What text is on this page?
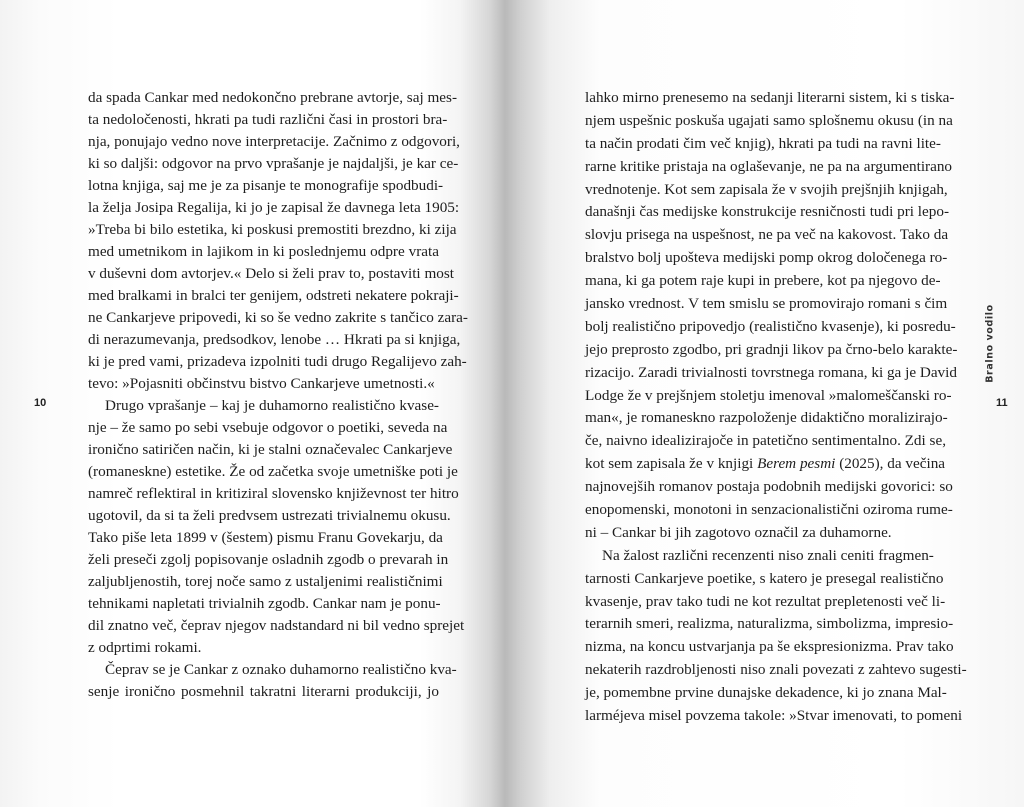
da spada Cankar med nedokončno prebrane avtorje, saj mes-
ta nedoločenosti, hkrati pa tudi različni časi in prostori bra-
nja, ponujajo vedno nove interpretacije. Začnimo z odgovori,
ki so daljši: odgovor na prvo vprašanje je najdaljši, je kar ce-
lotna knjiga, saj me je za pisanje te monografije spodbudi-
la želja Josipa Regalija, ki jo je zapisal že davnega leta 1905:
»Treba bi bilo estetika, ki poskusi premostiti brezdno, ki zija
med umetnikom in lajikom in ki poslednjemu odpre vrata
v duševni dom avtorjev.« Delo si želi prav to, postaviti most
med bralkami in bralci ter genijem, odstreti nekatere pokraji-
ne Cankarjeve pripovedi, ki so še vedno zakrite s tančico zara-
di nerazumevanja, predsodkov, lenobe … Hkrati pa si knjiga,
ki je pred vami, prizadeva izpolniti tudi drugo Regalijevo zah-
tevo: »Pojasniti občinstvu bistvo Cankarjeve umetnosti.«
Drugo vprašanje – kaj je duhamorno realistično kvase-
nje – že samo po sebi vsebuje odgovor o poetiki, seveda na
ironično satiričen način, ki je stalni označevalec Cankarjeve
(romaneskne) estetike. Že od začetka svoje umetniške poti je
namreč reflektiral in kritiziral slovensko književnost ter hitro
ugotovil, da si ta želi predvsem ustrezati trivialnemu okusu.
Tako piše leta 1899 v (šestem) pismu Franu Govekarju, da
želi preseči zgolj popisovanje osladnih zgodb o prevarah in
zaljubljenostih, torej noče samo z ustaljenimi realističnimi
tehnikami napletati trivialnih zgodb. Cankar nam je ponu-
dil znatno več, čeprav njegov nadstandard ni bil vedno sprejet
z odprtimi rokami.
Čeprav se je Cankar z oznako duhamorno realistično kva-
senje ironično posmehnil takratni literarni produkciji, jo
10
lahko mirno prenesemo na sedanji literarni sistem, ki s tiska-
njem uspešnic poskuša ugajati samo splošnemu okusu (in na
ta način prodati čim več knjig), hkrati pa tudi na ravni lite-
rarne kritike pristaja na oglaševanje, ne pa na argumentirano
vrednotenje. Kot sem zapisala že v svojih prejšnjih knjigah,
današnji čas medijske konstrukcije resničnosti tudi pri lepo-
slovju prisega na uspešnost, ne pa več na kakovost. Tako da
bralstvo bolj upošteva medijski pomp okrog določenega ro-
mana, ki ga potem raje kupi in prebere, kot pa njegovo de-
jansko vrednost. V tem smislu se promovirajo romani s čim
bolj realistično pripovedjo (realistično kvasenje), ki posredu-
jejo preprosto zgodbo, pri gradnji likov pa črno-belo karakte-
rizacijo. Zaradi trivialnosti tovrstnega romana, ki ga je David
Lodge že v prejšnjem stoletju imenoval »malomeščanski ro-
man«, je romaneskno razpoloženje didaktično moralizirajo-
če, naivno idealizirajoče in patetično sentimentalno. Zdi se,
kot sem zapisala že v knjigi Berem pesmi (2025), da večina
najnovejših romanov postaja podobnih medijski govorici: so
enopomenski, monotoni in senzacionalistični oziroma rume-
ni – Cankar bi jih zagotovo označil za duhamorne.
Na žalost različni recenzenti niso znali ceniti fragmen-
tarnosti Cankarjeve poetike, s katero je presegal realistično
kvasenje, prav tako tudi ne kot rezultat prepletenosti več li-
terarnih smeri, realizma, naturalizma, simbolizma, impresio-
nizma, na koncu ustvarjanja pa še ekspresionizma. Prav tako
nekaterih razdrobljenosti niso znali povezati z zahtevo sugesti-
je, pomembne prvine dunajske dekadence, ki jo znana Mal-
larméjeva misel povzema takole: »Stvar imenovati, to pomeni
Bralno vodilo
11
